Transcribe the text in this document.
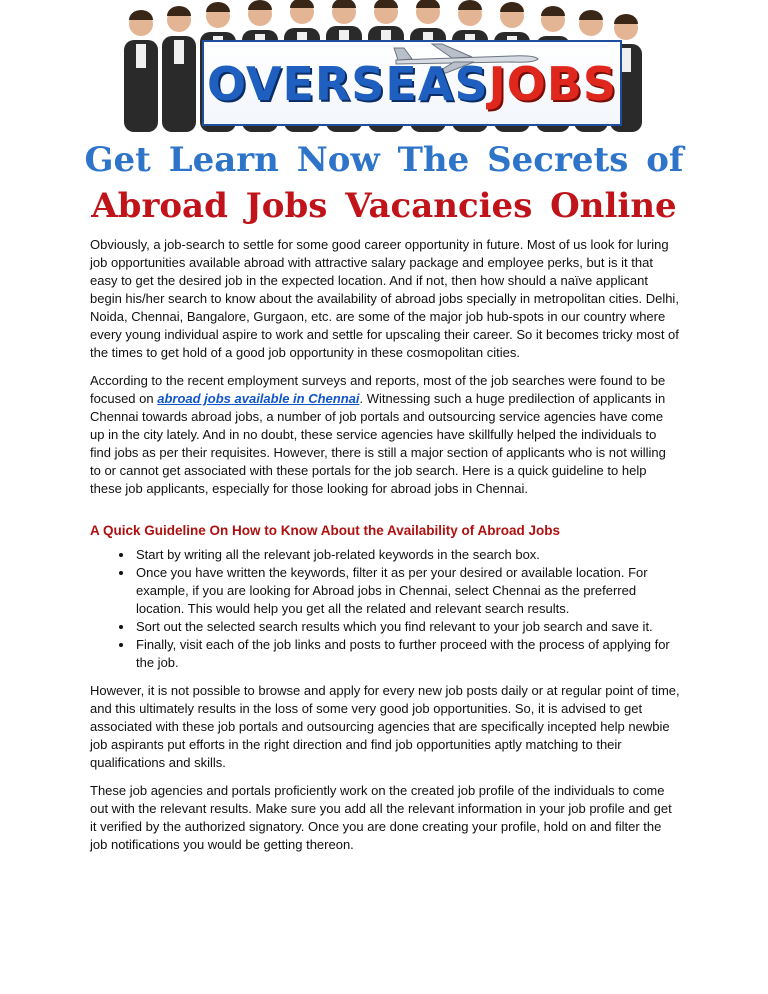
OVERSEASJOBS
Get Learn Now The Secrets of
Abroad Jobs Vacancies Online

Obviously, a job-search to settle for some good career opportunity in future. Most of us look for luring job opportunities available abroad with attractive salary package and employee perks, but is it that easy to get the desired job in the expected location. And if not, then how should a naïve applicant begin his/her search to know about the availability of abroad jobs specially in metropolitan cities. Delhi, Noida, Chennai, Bangalore, Gurgaon, etc. are some of the major job hub-spots in our country where every young individual aspire to work and settle for upscaling their career. So it becomes tricky most of the times to get hold of a good job opportunity in these cosmopolitan cities.

According to the recent employment surveys and reports, most of the job searches were found to be focused on abroad jobs available in Chennai. Witnessing such a huge predilection of applicants in Chennai towards abroad jobs, a number of job portals and outsourcing service agencies have come up in the city lately. And in no doubt, these service agencies have skillfully helped the individuals to find jobs as per their requisites. However, there is still a major section of applicants who is not willing to or cannot get associated with these portals for the job search. Here is a quick guideline to help these job applicants, especially for those looking for abroad jobs in Chennai.

A Quick Guideline On How to Know About the Availability of Abroad Jobs
• Start by writing all the relevant job-related keywords in the search box.
• Once you have written the keywords, filter it as per your desired or available location. For example, if you are looking for Abroad jobs in Chennai, select Chennai as the preferred location. This would help you get all the related and relevant search results.
• Sort out the selected search results which you find relevant to your job search and save it.
• Finally, visit each of the job links and posts to further proceed with the process of applying for the job.

However, it is not possible to browse and apply for every new job posts daily or at regular point of time, and this ultimately results in the loss of some very good job opportunities. So, it is advised to get associated with these job portals and outsourcing agencies that are specifically incepted help newbie job aspirants put efforts in the right direction and find job opportunities aptly matching to their qualifications and skills.

These job agencies and portals proficiently work on the created job profile of the individuals to come out with the relevant results. Make sure you add all the relevant information in your job profile and get it verified by the authorized signatory. Once you are done creating your profile, hold on and filter the job notifications you would be getting thereon.
